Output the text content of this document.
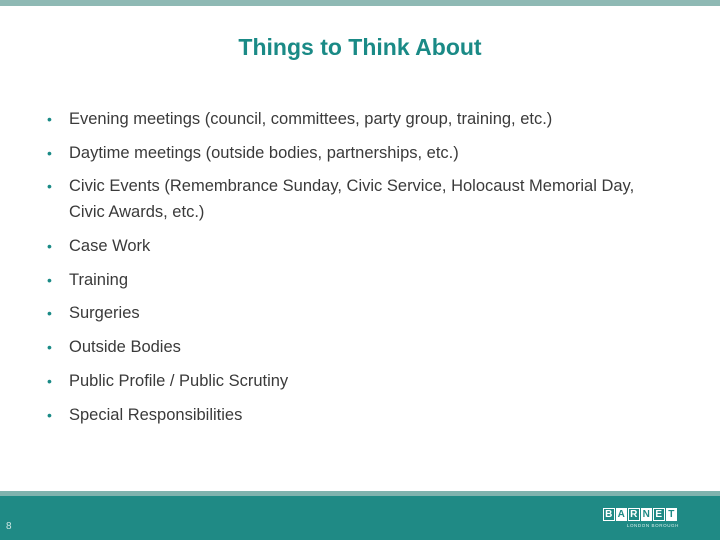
Things to Think About
• Evening meetings (council, committees, party group, training, etc.)
• Daytime meetings (outside bodies, partnerships, etc.)
• Civic Events (Remembrance Sunday, Civic Service, Holocaust Memorial Day, Civic Awards, etc.)
• Case Work
• Training
• Surgeries
• Outside Bodies
• Public Profile / Public Scrutiny
• Special Responsibilities
8
B A R N E T
LONDON BOROUGH
